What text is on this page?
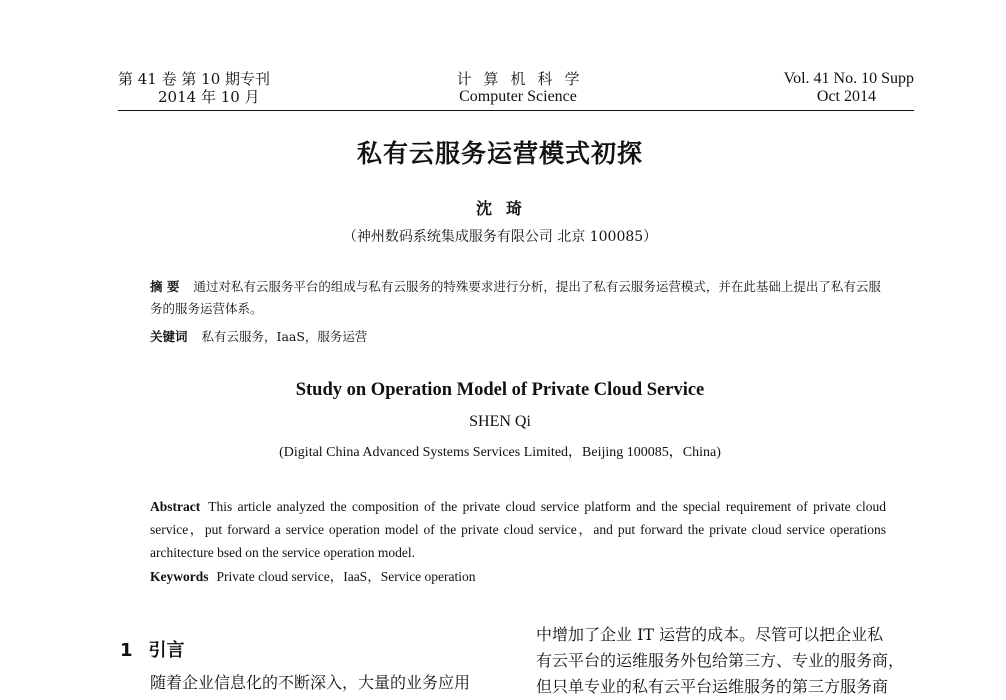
第 41 卷 第 10 期专刊
2014 年 10 月
计算机科学
Computer Science
Vol. 41 No. 10 Supp
Oct 2014
私有云服务运营模式初探
沈琦
（神州数码系统集成服务有限公司 北京 100085）
摘 要 通过对私有云服务平台的组成与私有云服务的特殊要求进行分析，提出了私有云服务运营模式，并在此基础上提出了私有云服务的服务运营体系。
关键词 私有云服务，IaaS，服务运营
Study on Operation Model of Private Cloud Service
SHEN Qi
(Digital China Advanced Systems Services Limited，Beijing 100085，China)
Abstract This article analyzed the composition of the private cloud service platform and the special requirement of private cloud service，put forward a service operation model of the private cloud service，and put forward the private cloud service operations architecture bsed on the service operation model.
Keywords Private cloud service，IaaS，Service operation
1 引言
随着企业信息化的不断深入，大量的业务应用
中增加了企业 IT 运营的成本。尽管可以把企业私
有云平台的运维服务外包给第三方、专业的服务商，
但只单专业的私有云平台运维服务的第三方服务商
